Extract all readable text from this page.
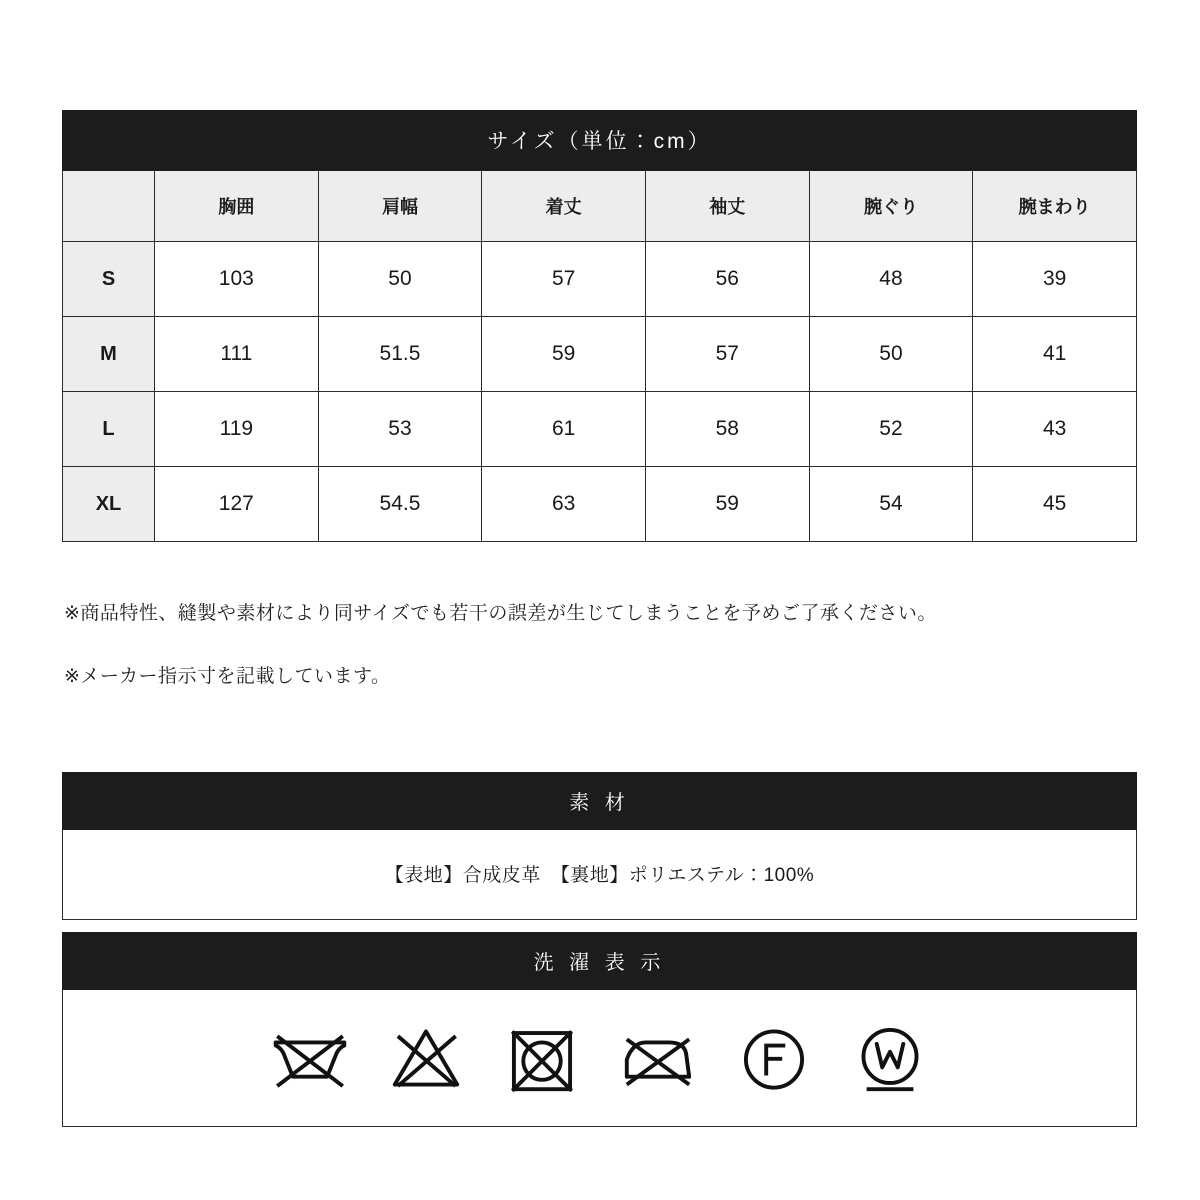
サイズ（単位：cm）
	胸囲	肩幅	着丈	袖丈	腕ぐり	腕まわり
S	103	50	57	56	48	39
M	111	51.5	59	57	50	41
L	119	53	61	58	52	43
XL	127	54.5	63	59	54	45
※商品特性、縫製や素材により同サイズでも若干の誤差が生じてしまうことを予めご了承ください。
※メーカー指示寸を記載しています。
素 材
【表地】合成皮革　【裏地】ポリエステル：100%
洗 濯 表 示
